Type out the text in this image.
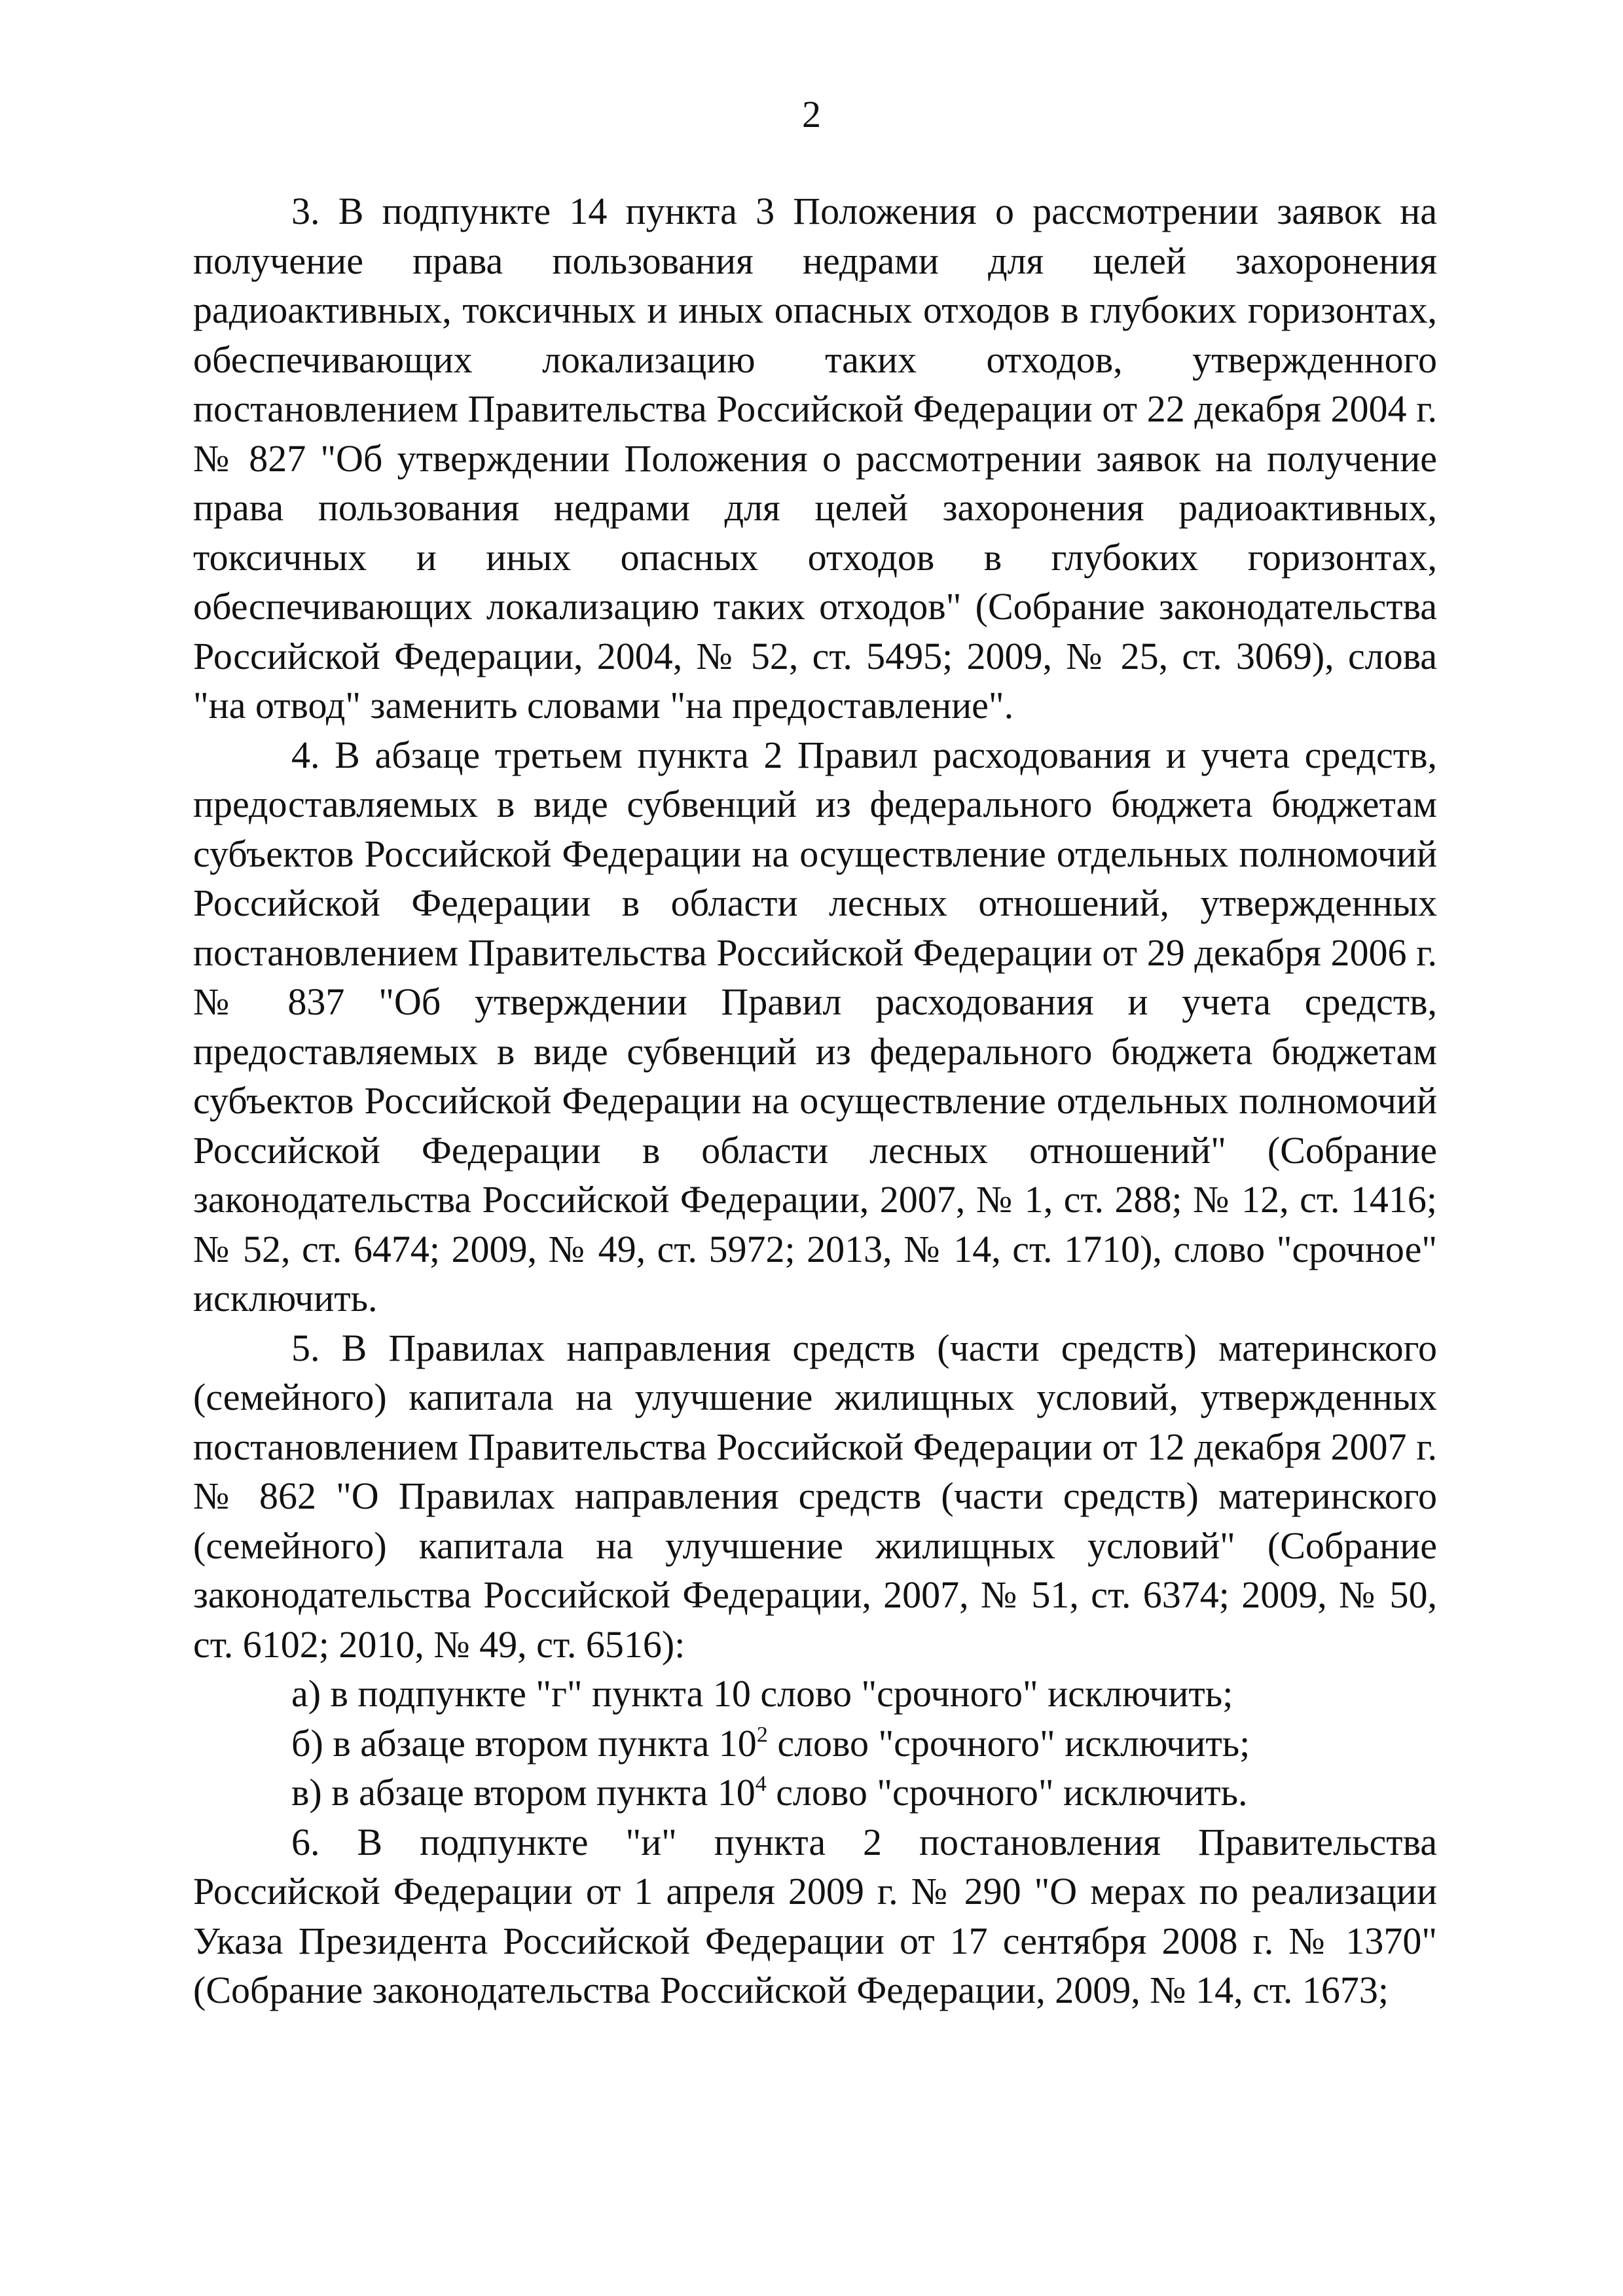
2

3. В подпункте 14 пункта 3 Положения о рассмотрении заявок на получение права пользования недрами для целей захоронения радиоактивных, токсичных и иных опасных отходов в глубоких горизонтах, обеспечивающих локализацию таких отходов, утвержденного постановлением Правительства Российской Федерации от 22 декабря 2004 г. № 827 "Об утверждении Положения о рассмотрении заявок на получение права пользования недрами для целей захоронения радиоактивных, токсичных и иных опасных отходов в глубоких горизонтах, обеспечивающих локализацию таких отходов" (Собрание законодательства Российской Федерации, 2004, № 52, ст. 5495; 2009, № 25, ст. 3069), слова "на отвод" заменить словами "на предоставление".

4. В абзаце третьем пункта 2 Правил расходования и учета средств, предоставляемых в виде субвенций из федерального бюджета бюджетам субъектов Российской Федерации на осуществление отдельных полномочий Российской Федерации в области лесных отношений, утвержденных постановлением Правительства Российской Федерации от 29 декабря 2006 г. № 837 "Об утверждении Правил расходования и учета средств, предоставляемых в виде субвенций из федерального бюджета бюджетам субъектов Российской Федерации на осуществление отдельных полномочий Российской Федерации в области лесных отношений" (Собрание законодательства Российской Федерации, 2007, № 1, ст. 288; № 12, ст. 1416; № 52, ст. 6474; 2009, № 49, ст. 5972; 2013, № 14, ст. 1710), слово "срочное" исключить.

5. В Правилах направления средств (части средств) материнского (семейного) капитала на улучшение жилищных условий, утвержденных постановлением Правительства Российской Федерации от 12 декабря 2007 г. № 862 "О Правилах направления средств (части средств) материнского (семейного) капитала на улучшение жилищных условий" (Собрание законодательства Российской Федерации, 2007, № 51, ст. 6374; 2009, № 50, ст. 6102; 2010, № 49, ст. 6516):

а) в подпункте "г" пункта 10 слово "срочного" исключить;

б) в абзаце втором пункта $10^2$ слово "срочного" исключить;

в) в абзаце втором пункта $10^4$ слово "срочного" исключить.

6. В подпункте "и" пункта 2 постановления Правительства Российской Федерации от 1 апреля 2009 г. № 290 "О мерах по реализации Указа Президента Российской Федерации от 17 сентября 2008 г. № 1370" (Собрание законодательства Российской Федерации, 2009, № 14, ст. 1673;
